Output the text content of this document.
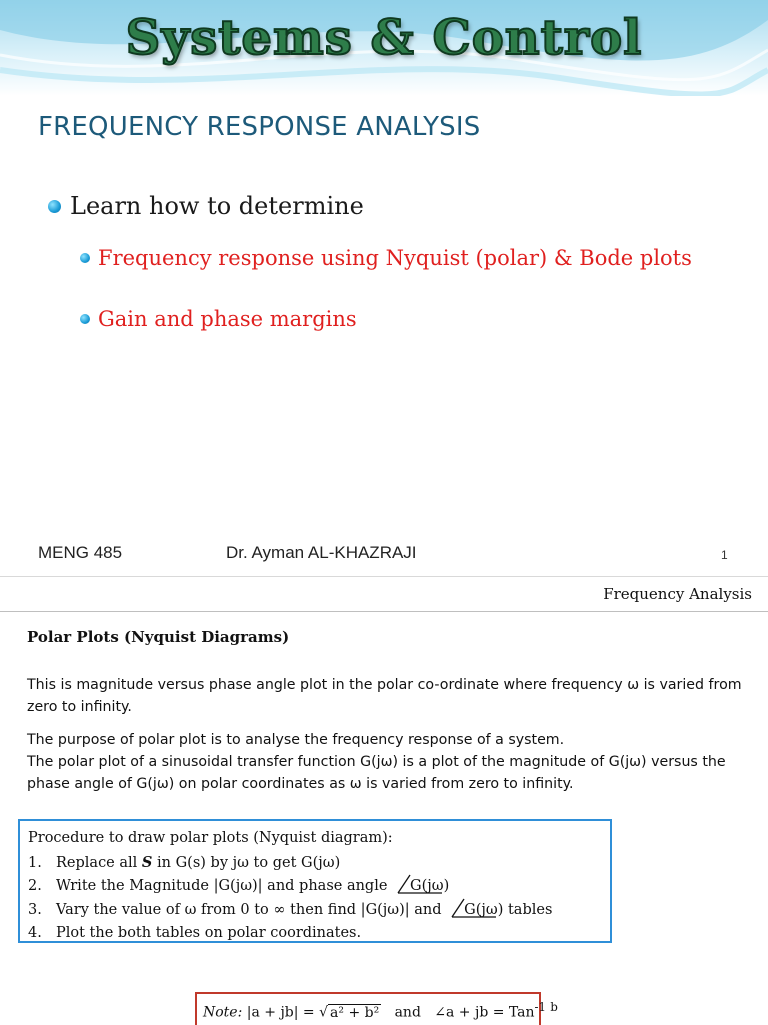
Systems & Control
FREQUENCY RESPONSE ANALYSIS
Learn how to determine
Frequency response using Nyquist (polar) & Bode plots
Gain and phase margins
MENG 485	Dr. Ayman AL-KHAZRAJI	1
Frequency Analysis
Polar Plots (Nyquist Diagrams)
This is magnitude versus phase angle plot in the polar co-ordinate where frequency ω is varied from zero to infinity.
The purpose of polar plot is to analyse the frequency response of a system.
The polar plot of a sinusoidal transfer function G(jω) is a plot of the magnitude of G(jω) versus the phase angle of G(jω) on polar coordinates as ω is varied from zero to infinity.
Procedure to draw polar plots (Nyquist diagram):
1. Replace all S in G(s) by jω to get G(jω)
2. Write the Magnitude |G(jω)| and phase angle G(jω)
3. Vary the value of ω from 0 to ∞ then find |G(jω)| and G(jω) tables
4. Plot the both tables on polar coordinates.
Note: |a + jb| = √ a² + b² and ∠a + jb = Tan$^{-1}$ $^b$
